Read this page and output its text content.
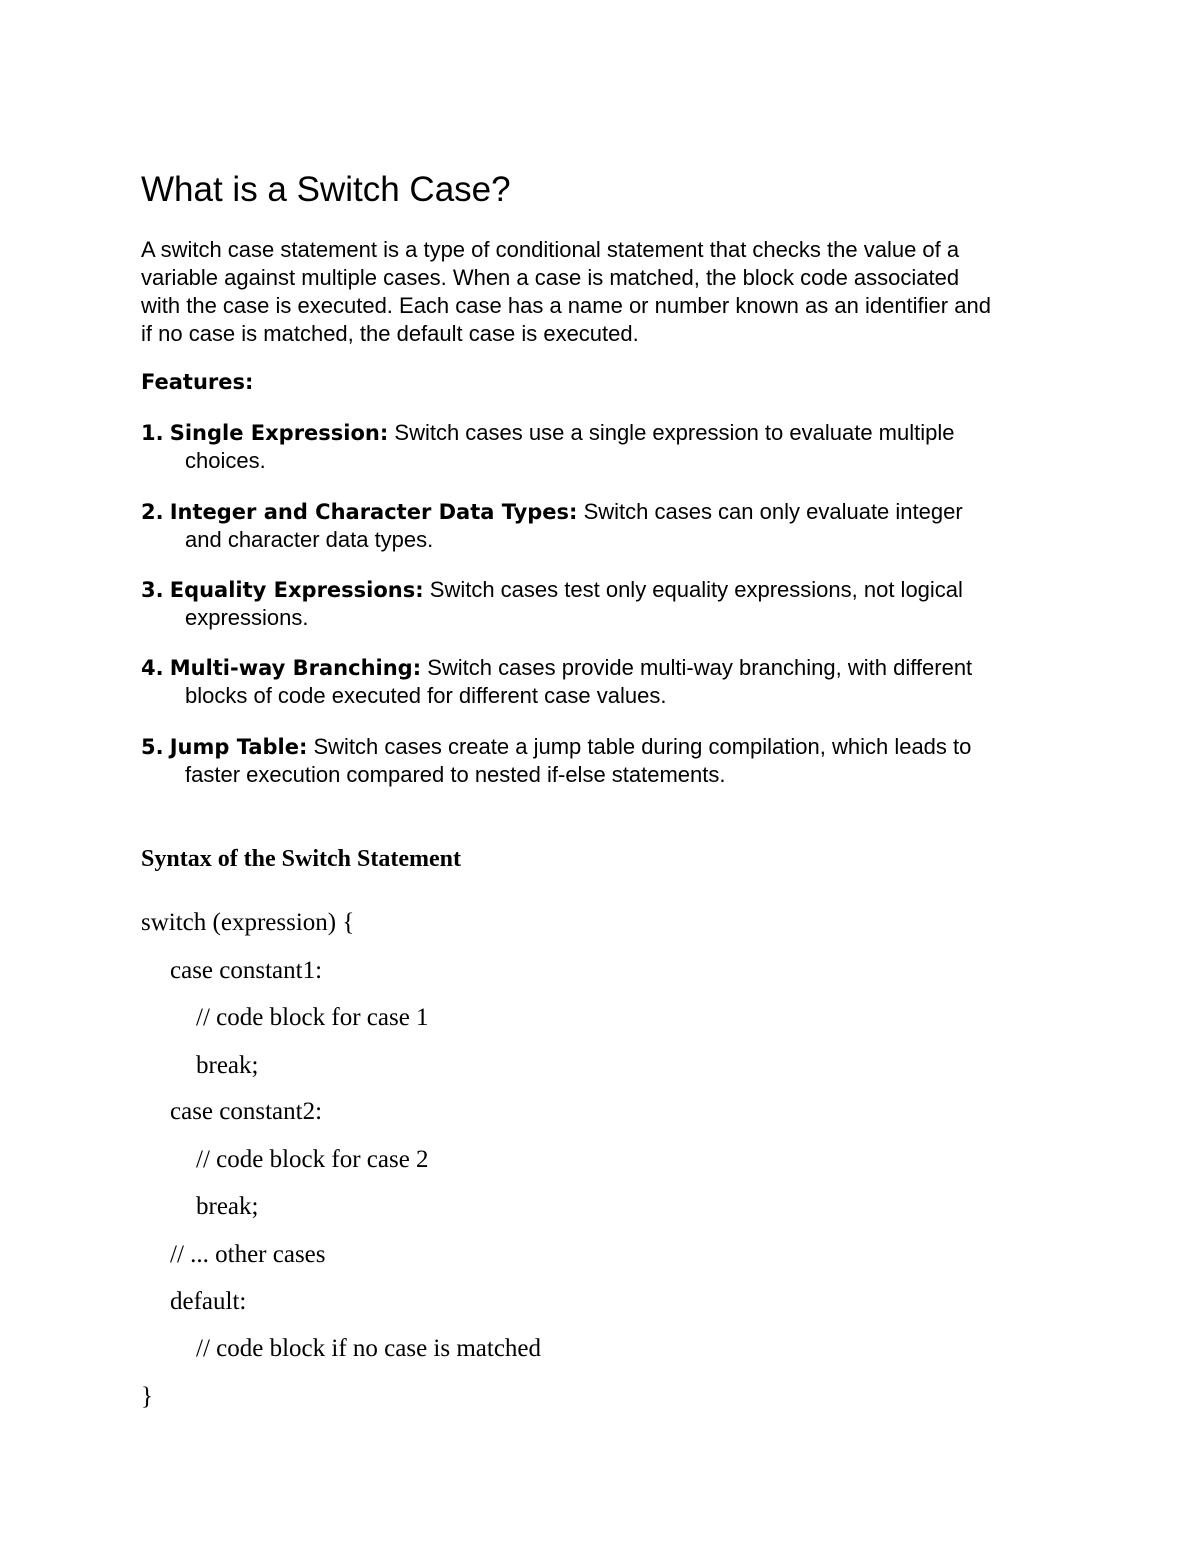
What is a Switch Case?

A switch case statement is a type of conditional statement that checks the value of a
variable against multiple cases. When a case is matched, the block code associated
with the case is executed. Each case has a name or number known as an identifier and
if no case is matched, the default case is executed.

Features:
1. Single Expression: Switch cases use a single expression to evaluate multiple
choices.
2. Integer and Character Data Types: Switch cases can only evaluate integer
and character data types.
3. Equality Expressions: Switch cases test only equality expressions, not logical
expressions.
4. Multi-way Branching: Switch cases provide multi-way branching, with different
blocks of code executed for different case values.
5. Jump Table: Switch cases create a jump table during compilation, which leads to
faster execution compared to nested if-else statements.
Syntax of the Switch Statement
switch (expression) {
case constant1:
// code block for case 1
break;
case constant2:
// code block for case 2
break;
// ... other cases
default:
// code block if no case is matched
}
